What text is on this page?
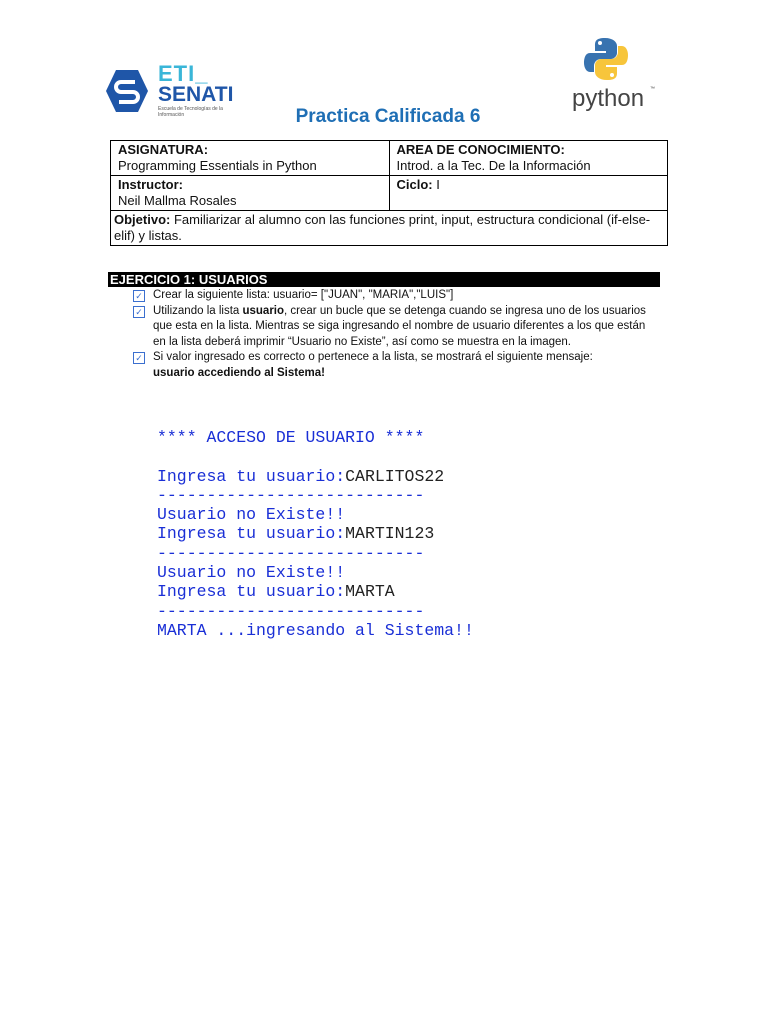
ETI_
SENATI
Escuela de Tecnologías de la Información
python ™
Practica Calificada 6
ASIGNATURA:
Programming Essentials in Python	AREA DE CONOCIMIENTO:
Introd. a la Tec. De la Información
Instructor:
Neil Mallma Rosales	Ciclo: I
Objetivo: Familiarizar al alumno con las funciones print, input, estructura condicional (if-else-elif) y listas.	
EJERCICIO 1: USUARIOS
✓ Crear la siguiente lista: usuario= ["JUAN", "MARIA","LUIS"]
✓ Utilizando la lista usuario, crear un bucle que se detenga cuando se ingresa uno de los usuarios que esta en la lista. Mientras se siga ingresando el nombre de usuario diferentes a los que están en la lista deberá imprimir “Usuario no Existe”, así como se muestra en la imagen.
✓ Si valor ingresado es correcto o pertenece a la lista, se mostrará el siguiente mensaje:
usuario accediendo al Sistema!
**** ACCESO DE USUARIO ****

Ingresa tu usuario:CARLITOS22
---------------------------
Usuario no Existe!!
Ingresa tu usuario:MARTIN123
---------------------------
Usuario no Existe!!
Ingresa tu usuario:MARTA
---------------------------
MARTA ...ingresando al Sistema!!
